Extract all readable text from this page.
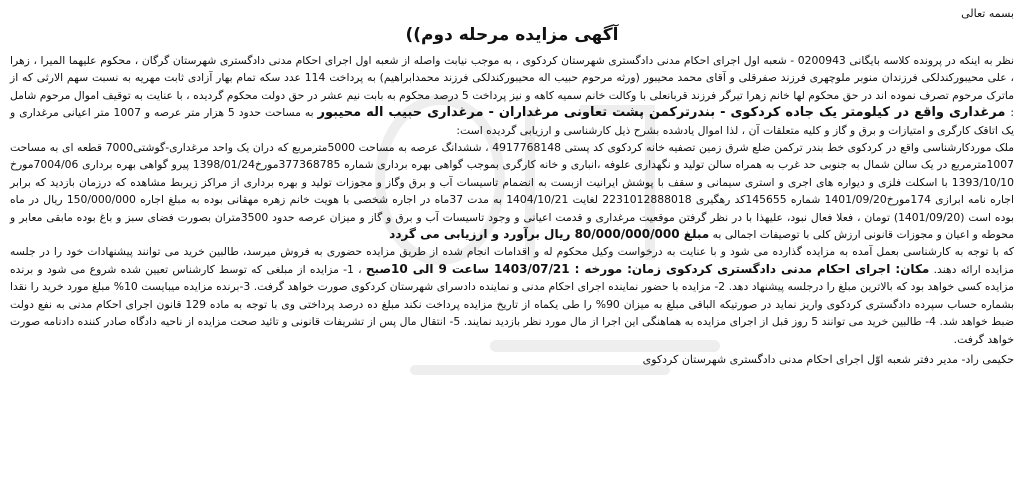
بسمه تعالی
آگهی مزایده مرحله دوم))

نظر به اینکه در پرونده کلاسه بایگانی 0200943 - شعبه اول اجرای احکام مدنی دادگستری شهرستان کردکوی ، به موجب نیابت واصله از شعبه اول اجرای احکام مدنی دادگستری شهرستان گرگان ، محکوم علیهما المیرا ، زهرا ، علی محیبورکندلکی فرزندان منوبر ملوچهری فرزند صفرقلی و آقای محمد محیبور (ورثه مرحوم حبیب اله محیبورکندلکی فرزند محمدابراهیم) به پرداخت 114 عدد سکه تمام بهار آزادی ثابت مهریه به نسبت سهم الارثی که از ماترک مرحوم تصرف نموده اند در حق محکوم لها خانم زهرا تیرگر فرزند قربانعلی با وکالت خانم سمیه کاهه و نیز پرداخت 5 درصد محکوم به بابت نیم عشر در حق دولت محکوم گردیده ، با عنایت به توقیف اموال مرحوم شامل : مرغداری واقع در کیلومتر یک جاده کردکوی - بندرترکمن پشت تعاونی مرغداران - مرغداری حبیب اله محیبور به مساحت حدود 5 هزار متر عرصه و 1007 متر اعیانی مرغداری و یک اتاقک کارگری و امتیازات و برق و گاز و کلیه متعلقات آن ، لذا اموال یادشده بشرح ذیل کارشناسی و ارزیابی گردیده است:

ملک موردکارشناسی واقع در کردکوی خط بندر ترکمن ضلع شرق زمین تصفیه خانه کردکوی کد پستی 4917768148 ، ششدانگ عرصه به مساحت 5000مترمربع که دران یک واحد مرغداری-گوشتی7000 قطعه ای به مساحت 1007مترمربع در یک سالن شمال به جنوبی حد غرب به همراه سالن تولید و نگهداری علوفه ،انباری و خانه کارگری بموجب گواهی بهره برداری شماره 377368785مورخ1398/01/24 پیرو گواهی بهره برداری 7004/06مورخ 1393/10/10 با اسکلت فلزی و دیواره های اجری و استری سیمانی و سقف با پوشش ایرانیت ازبست به انضمام تاسیسات آب و برق وگاز و مجوزات تولید و بهره برداری از مراکز زیربط مشاهده که درزمان بازدید که برابر اجاره نامه ابرازی 174مورخ1401/09/20 شماره 145655کد رهگیری 2231012888018 لغایت 1404/10/21 به مدت 37ماه در اجاره شخصی با هویت خانم زهره مهقانی بوده به مبلغ اجاره 150/000/000 ریال در ماه بوده است (1401/09/20) تومان ، فعلا فعال نبود، علیهذا با در نظر گرفتن موقعیت مرغداری و قدمت اعیانی و وجود تاسیسات آب و برق و گاز و میزان عرصه حدود 3500متران بصورت فضای سبز و باغ بوده مابقی معابر و محوطه و اعیان و مجوزات قانونی ارزش کلی با توصیفات اجمالی به مبلغ 80/000/000/000 ریال برآورد و ارزیابی می گردد

که با توجه به کارشناسی بعمل آمده به مزایده گذارده می شود و با عنایت به درخواست وکیل محکوم له و اقدامات انجام شده از طریق مزایده حضوری به فروش میرسد، طالبین خرید می توانند پیشنهادات خود را در جلسه مزایده ارائه دهند. مکان: اجرای احکام مدنی دادگستری کردکوی زمان: مورخه : 1403/07/21 ساعت 9 الی 10صبح ، 1- مزایده از مبلغی که توسط کارشناس تعیین شده شروع می شود و برنده مزایده کسی خواهد بود که بالاترین مبلغ را درجلسه پیشنهاد دهد. 2- مزایده با حضور نماینده اجرای احکام مدنی و نماینده دادسرای شهرستان کردکوی صورت خواهد گرفت. 3-برنده مزایده میبایست 10% مبلغ مورد خرید را نقدا بشماره حساب سپرده دادگستری کردکوی واریز نماید در صورتیکه الباقی مبلغ به میزان 90% را طی یکماه از تاریخ مزایده پرداخت نکند مبلغ ده درصد پرداختی وی با توجه به ماده 129 قانون اجرای احکام مدنی به نفع دولت ضبط خواهد شد. 4- طالبین خرید می توانند 5 روز قبل از اجرای مزایده به هماهنگی این اجرا از مال مورد نظر بازدید نمایند. 5- انتقال مال پس از تشریفات قانونی و تائید صحت مزایده از ناحیه دادگاه صادر کننده دادنامه صورت خواهد گرفت.

حکیمی راد- مدیر دفتر شعبه اوّل اجرای احکام مدنی دادگستری شهرستان کردکوی
